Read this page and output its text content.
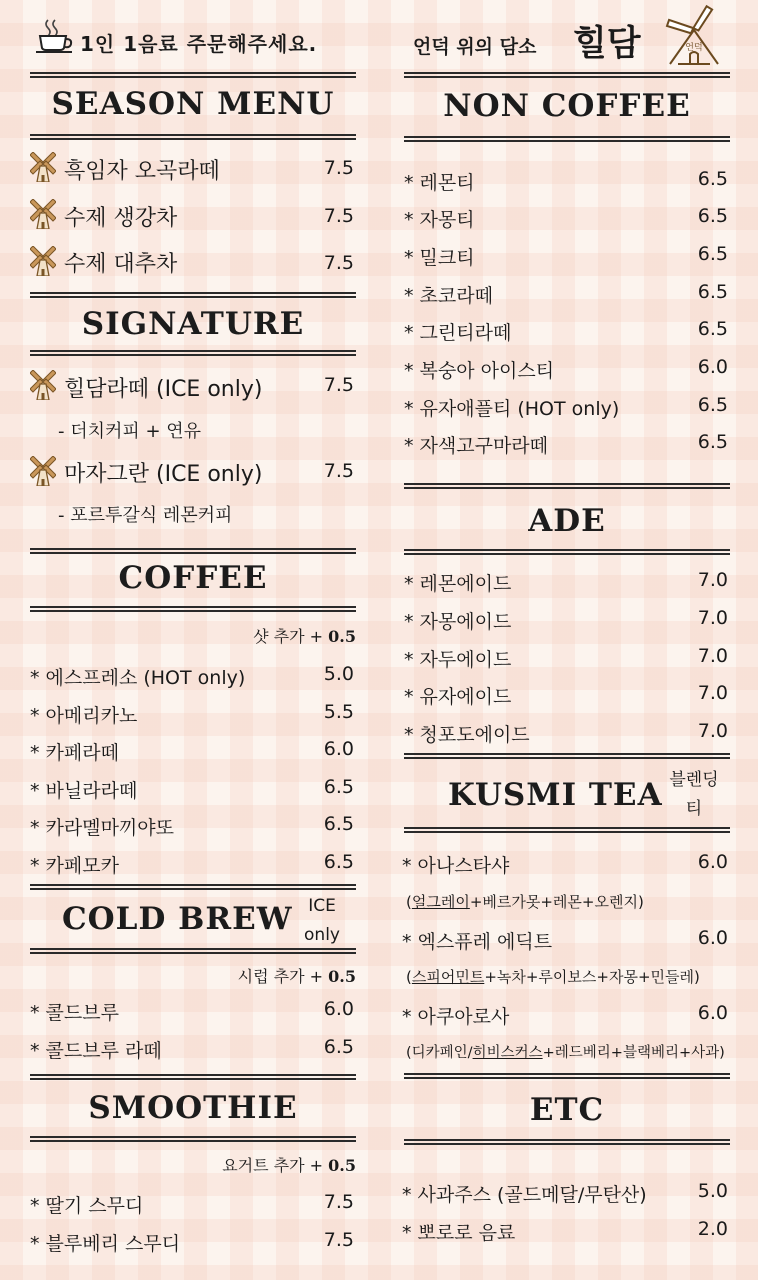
1인 1음료 주문해주세요.	언덕 위의 담소 힐담	언덕
SEASON MENU
흑임자 오곡라떼	7.5
수제 생강차	7.5
수제 대추차	7.5
SIGNATURE
힐담라떼 (ICE only)	7.5
- 더치커피 + 연유
마자그란 (ICE only)	7.5
- 포르투갈식 레몬커피
COFFEE
샷 추가 + 0.5
* 에스프레소 (HOT only)	5.0
* 아메리카노	5.5
* 카페라떼	6.0
* 바닐라라떼	6.5
* 카라멜마끼야또	6.5
* 카페모카	6.5
COLD BREW ICE
only
시럽 추가 + 0.5
* 콜드브루	6.0
* 콜드브루 라떼	6.5
SMOOTHIE
요거트 추가 + 0.5
* 딸기 스무디	7.5
* 블루베리 스무디	7.5
NON COFFEE
* 레몬티	6.5
* 자몽티	6.5
* 밀크티	6.5
* 초코라떼	6.5
* 그린티라떼	6.5
* 복숭아 아이스티	6.0
* 유자애플티 (HOT only)	6.5
* 자색고구마라떼	6.5
ADE
* 레몬에이드	7.0
* 자몽에이드	7.0
* 자두에이드	7.0
* 유자에이드	7.0
* 청포도에이드	7.0
KUSMI TEA 블렌딩
티
* 아나스타샤	6.0
(얼그레이+베르가못+레몬+오렌지)
* 엑스퓨레 에딕트	6.0
(스피어민트+녹차+루이보스+자몽+민들레)
* 아쿠아로사	6.0
(디카페인/히비스커스+레드베리+블랙베리+사과)
ETC
* 사과주스 (골드메달/무탄산)	5.0
* 뽀로로 음료	2.0
